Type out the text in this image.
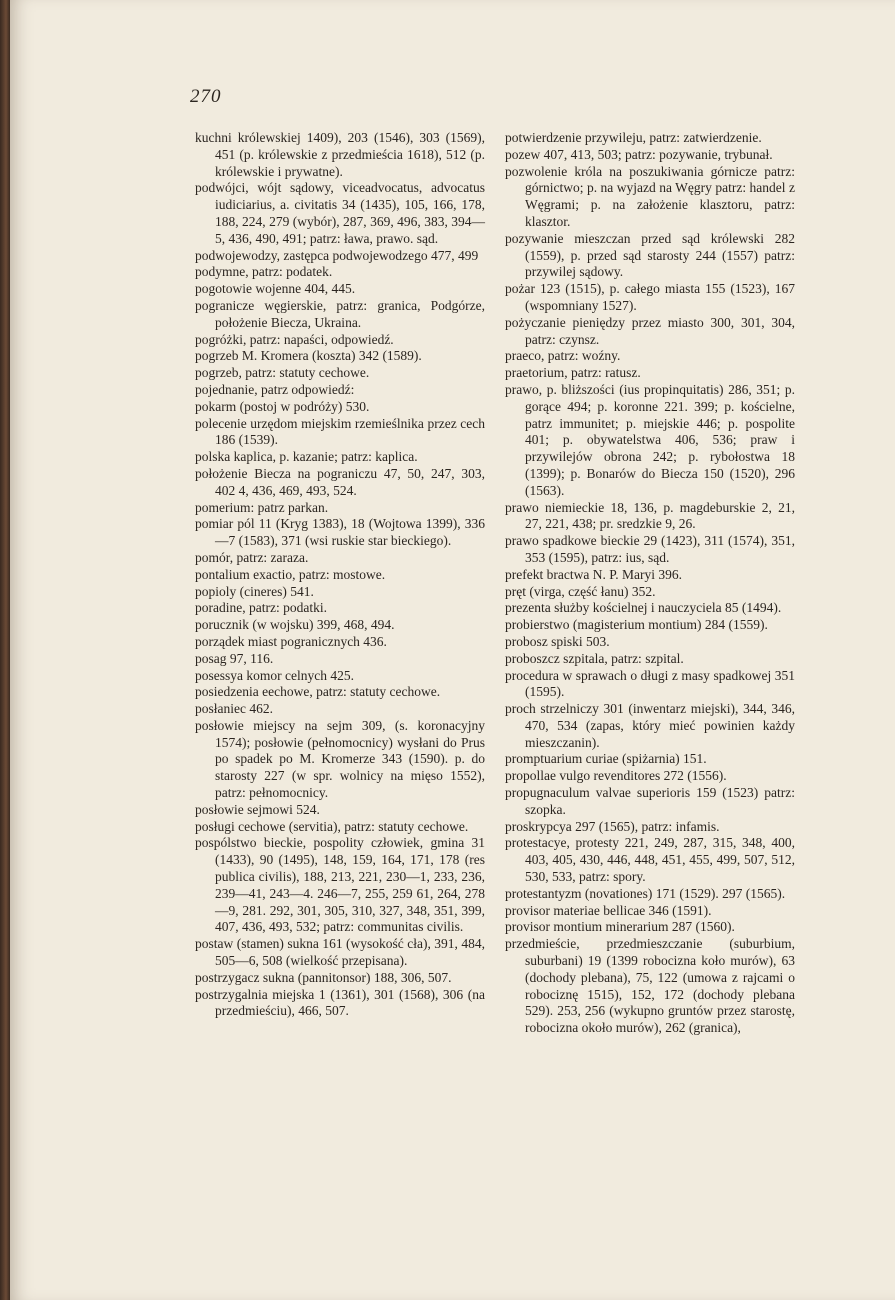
270

kuchni królewskiej 1409), 203 (1546), 303 (1569), 451 (p. królewskie z przedmieścia 1618), 512 (p. królewskie i prywatne).

podwójci, wójt sądowy, viceadvocatus, advocatus iudiciarius, a. civitatis 34 (1435), 105, 166, 178, 188, 224, 279 (wybór), 287, 369, 496, 383, 394—5, 436, 490, 491; patrz: ława, prawo. sąd.

podwojewodzy, zastępca podwojewodzego 477, 499

podymne, patrz: podatek.

pogotowie wojenne 404, 445.

pogranicze węgierskie, patrz: granica, Podgórze, położenie Biecza, Ukraina.

pogróżki, patrz: napaści, odpowiedź.

pogrzeb M. Kromera (koszta) 342 (1589).

pogrzeb, patrz: statuty cechowe.

pojednanie, patrz odpowiedź:

pokarm (postoj w podróży) 530.

polecenie urzędom miejskim rzemieślnika przez cech 186 (1539).

polska kaplica, p. kazanie; patrz: kaplica.

położenie Biecza na pograniczu 47, 50, 247, 303, 402 4, 436, 469, 493, 524.

pomerium: patrz parkan.

pomiar pól 11 (Kryg 1383), 18 (Wojtowa 1399), 336—7 (1583), 371 (wsi ruskie star bieckiego).

pomór, patrz: zaraza.

pontalium exactio, patrz: mostowe.

popioly (cineres) 541.

poradine, patrz: podatki.

porucznik (w wojsku) 399, 468, 494.

porządek miast pogranicznych 436.

posag 97, 116.

posessya komor celnych 425.

posiedzenia eechowe, patrz: statuty cechowe.

posłaniec 462.

posłowie miejscy na sejm 309, (s. koronacyjny 1574); posłowie (pełnomocnicy) wysłani do Prus po spadek po M. Kromerze 343 (1590). p. do starosty 227 (w spr. wolnicy na mięso 1552), patrz: pełnomocnicy.

posłowie sejmowi 524.

posługi cechowe (servitia), patrz: statuty cechowe.

pospólstwo bieckie, pospolity człowiek, gmina 31 (1433), 90 (1495), 148, 159, 164, 171, 178 (res publica civilis), 188, 213, 221, 230—1, 233, 236, 239—41, 243—4. 246—7, 255, 259 61, 264, 278—9, 281. 292, 301, 305, 310, 327, 348, 351, 399, 407, 436, 493, 532; patrz: communitas civilis.

postaw (stamen) sukna 161 (wysokość cła), 391, 484, 505—6, 508 (wielkość przepisana).

postrzygacz sukna (pannitonsor) 188, 306, 507.

postrzygalnia miejska 1 (1361), 301 (1568), 306 (na przedmieściu), 466, 507.

potwierdzenie przywileju, patrz: zatwierdzenie.

pozew 407, 413, 503; patrz: pozywanie, trybunał.

pozwolenie króla na poszukiwania górnicze patrz: górnictwo; p. na wyjazd na Węgry patrz: handel z Węgrami; p. na założenie klasztoru, patrz: klasztor.

pozywanie mieszczan przed sąd królewski 282 (1559), p. przed sąd starosty 244 (1557) patrz: przywilej sądowy.

pożar 123 (1515), p. całego miasta 155 (1523), 167 (wspomniany 1527).

pożyczanie pieniędzy przez miasto 300, 301, 304, patrz: czynsz.

praeco, patrz: woźny.

praetorium, patrz: ratusz.

prawo, p. bliższości (ius propinquitatis) 286, 351; p. gorące 494; p. koronne 221. 399; p. kościelne, patrz immunitet; p. miejskie 446; p. pospolite 401; p. obywatelstwa 406, 536; praw i przywilejów obrona 242; p. rybołostwa 18 (1399); p. Bonarów do Biecza 150 (1520), 296 (1563).

prawo niemieckie 18, 136, p. magdeburskie 2, 21, 27, 221, 438; pr. sredzkie 9, 26.

prawo spadkowe bieckie 29 (1423), 311 (1574), 351, 353 (1595), patrz: ius, sąd.

prefekt bractwa N. P. Maryi 396.

pręt (virga, część łanu) 352.

prezenta służby kościelnej i nauczyciela 85 (1494).

probierstwo (magisterium montium) 284 (1559).

probosz spiski 503.

proboszcz szpitala, patrz: szpital.

procedura w sprawach o długi z masy spadkowej 351 (1595).

proch strzelniczy 301 (inwentarz miejski), 344, 346, 470, 534 (zapas, który mieć powinien każdy mieszczanin).

promptuarium curiae (spiżarnia) 151.

propollae vulgo revenditores 272 (1556).

propugnaculum valvae superioris 159 (1523) patrz: szopka.

proskrypcya 297 (1565), patrz: infamis.

protestacye, protesty 221, 249, 287, 315, 348, 400, 403, 405, 430, 446, 448, 451, 455, 499, 507, 512, 530, 533, patrz: spory.

protestantyzm (novationes) 171 (1529). 297 (1565).

provisor materiae bellicae 346 (1591).

provisor montium minerarium 287 (1560).

przedmieście, przedmieszczanie (suburbium, suburbani) 19 (1399 robocizna koło murów), 63 (dochody plebana), 75, 122 (umowa z rajcami o robociznę 1515), 152, 172 (dochody plebana 529). 253, 256 (wykupno gruntów przez starostę, robocizna około murów), 262 (granica),
